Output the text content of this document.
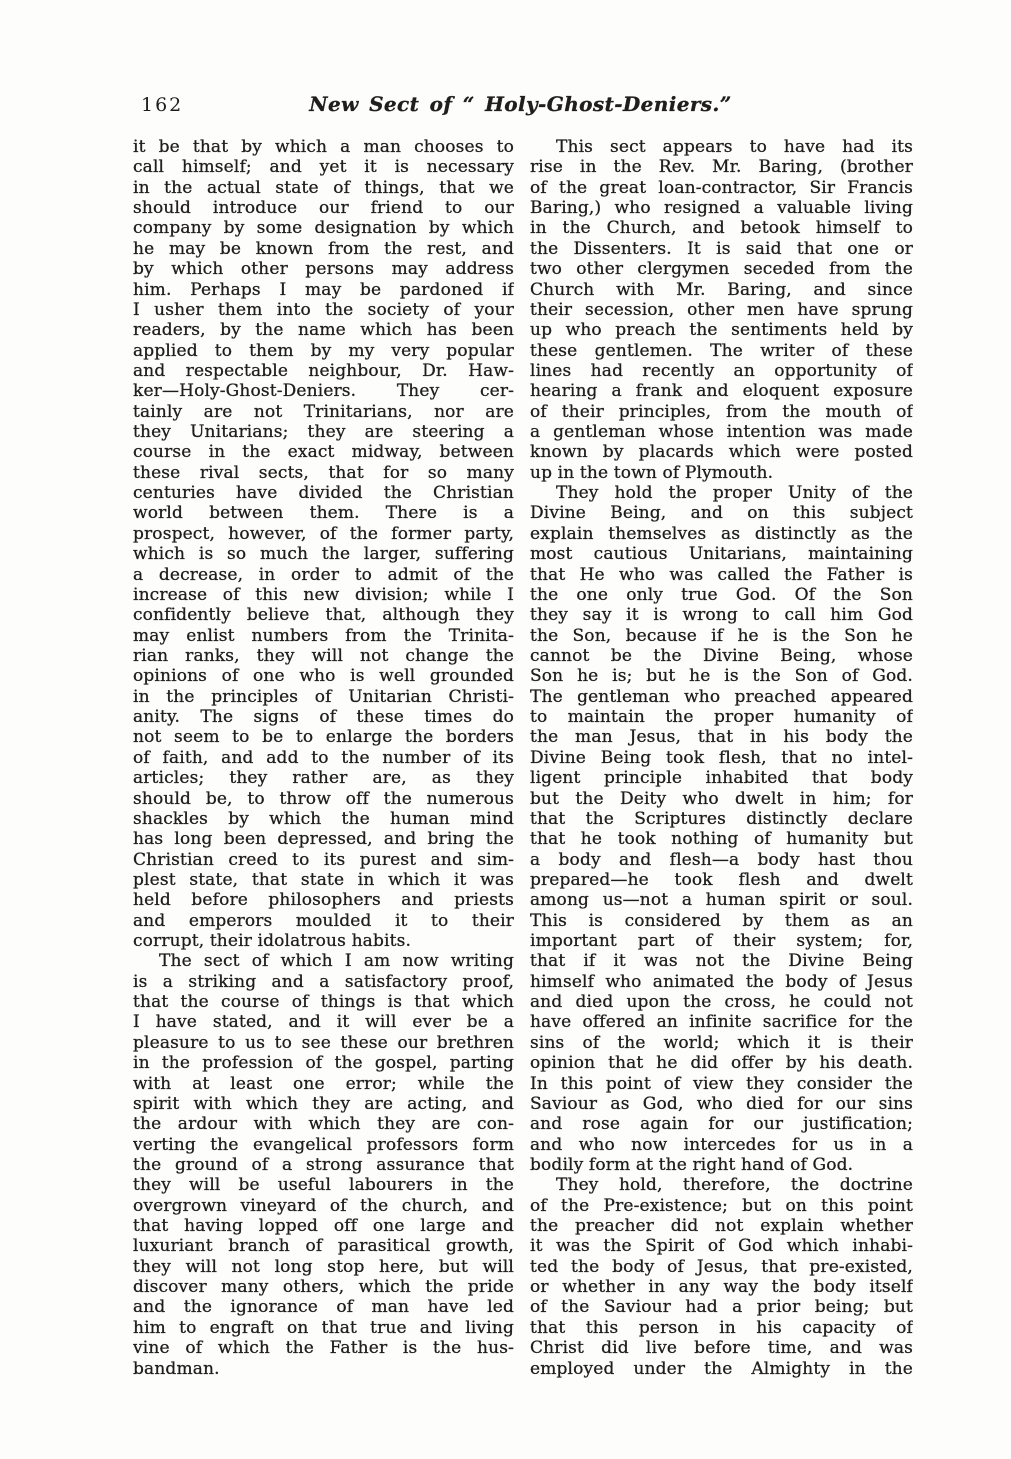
162	New Sect of “ Holy-Ghost-Deniers.”
it be that by which a man chooses to
call himself; and yet it is necessary
in the actual state of things, that we
should introduce our friend to our
company by some designation by which
he may be known from the rest, and
by which other persons may address
him. Perhaps I may be pardoned if
I usher them into the society of your
readers, by the name which has been
applied to them by my very popular
and respectable neighbour, Dr. Haw-
ker—Holy-Ghost-Deniers. They cer-
tainly are not Trinitarians, nor are
they Unitarians; they are steering a
course in the exact midway, between
these rival sects, that for so many
centuries have divided the Christian
world between them. There is a
prospect, however, of the former party,
which is so much the larger, suffering
a decrease, in order to admit of the
increase of this new division; while I
confidently believe that, although they
may enlist numbers from the Trinita-
rian ranks, they will not change the
opinions of one who is well grounded
in the principles of Unitarian Christi-
anity. The signs of these times do
not seem to be to enlarge the borders
of faith, and add to the number of its
articles; they rather are, as they
should be, to throw off the numerous
shackles by which the human mind
has long been depressed, and bring the
Christian creed to its purest and sim-
plest state, that state in which it was
held before philosophers and priests
and emperors moulded it to their
corrupt, their idolatrous habits.
The sect of which I am now writing
is a striking and a satisfactory proof,
that the course of things is that which
I have stated, and it will ever be a
pleasure to us to see these our brethren
in the profession of the gospel, parting
with at least one error; while the
spirit with which they are acting, and
the ardour with which they are con-
verting the evangelical professors form
the ground of a strong assurance that
they will be useful labourers in the
overgrown vineyard of the church, and
that having lopped off one large and
luxuriant branch of parasitical growth,
they will not long stop here, but will
discover many others, which the pride
and the ignorance of man have led
him to engraft on that true and living
vine of which the Father is the hus-
bandman.
This sect appears to have had its
rise in the Rev. Mr. Baring, (brother
of the great loan-contractor, Sir Francis
Baring,) who resigned a valuable living
in the Church, and betook himself to
the Dissenters. It is said that one or
two other clergymen seceded from the
Church with Mr. Baring, and since
their secession, other men have sprung
up who preach the sentiments held by
these gentlemen. The writer of these
lines had recently an opportunity of
hearing a frank and eloquent exposure
of their principles, from the mouth of
a gentleman whose intention was made
known by placards which were posted
up in the town of Plymouth.
They hold the proper Unity of the
Divine Being, and on this subject
explain themselves as distinctly as the
most cautious Unitarians, maintaining
that He who was called the Father is
the one only true God. Of the Son
they say it is wrong to call him God
the Son, because if he is the Son he
cannot be the Divine Being, whose
Son he is; but he is the Son of God.
The gentleman who preached appeared
to maintain the proper humanity of
the man Jesus, that in his body the
Divine Being took flesh, that no intel-
ligent principle inhabited that body
but the Deity who dwelt in him; for
that the Scriptures distinctly declare
that he took nothing of humanity but
a body and flesh—a body hast thou
prepared—he took flesh and dwelt
among us—not a human spirit or soul.
This is considered by them as an
important part of their system; for,
that if it was not the Divine Being
himself who animated the body of Jesus
and died upon the cross, he could not
have offered an infinite sacrifice for the
sins of the world; which it is their
opinion that he did offer by his death.
In this point of view they consider the
Saviour as God, who died for our sins
and rose again for our justification;
and who now intercedes for us in a
bodily form at the right hand of God.
They hold, therefore, the doctrine
of the Pre-existence; but on this point
the preacher did not explain whether
it was the Spirit of God which inhabi-
ted the body of Jesus, that pre-existed,
or whether in any way the body itself
of the Saviour had a prior being; but
that this person in his capacity of
Christ did live before time, and was
employed under the Almighty in the
